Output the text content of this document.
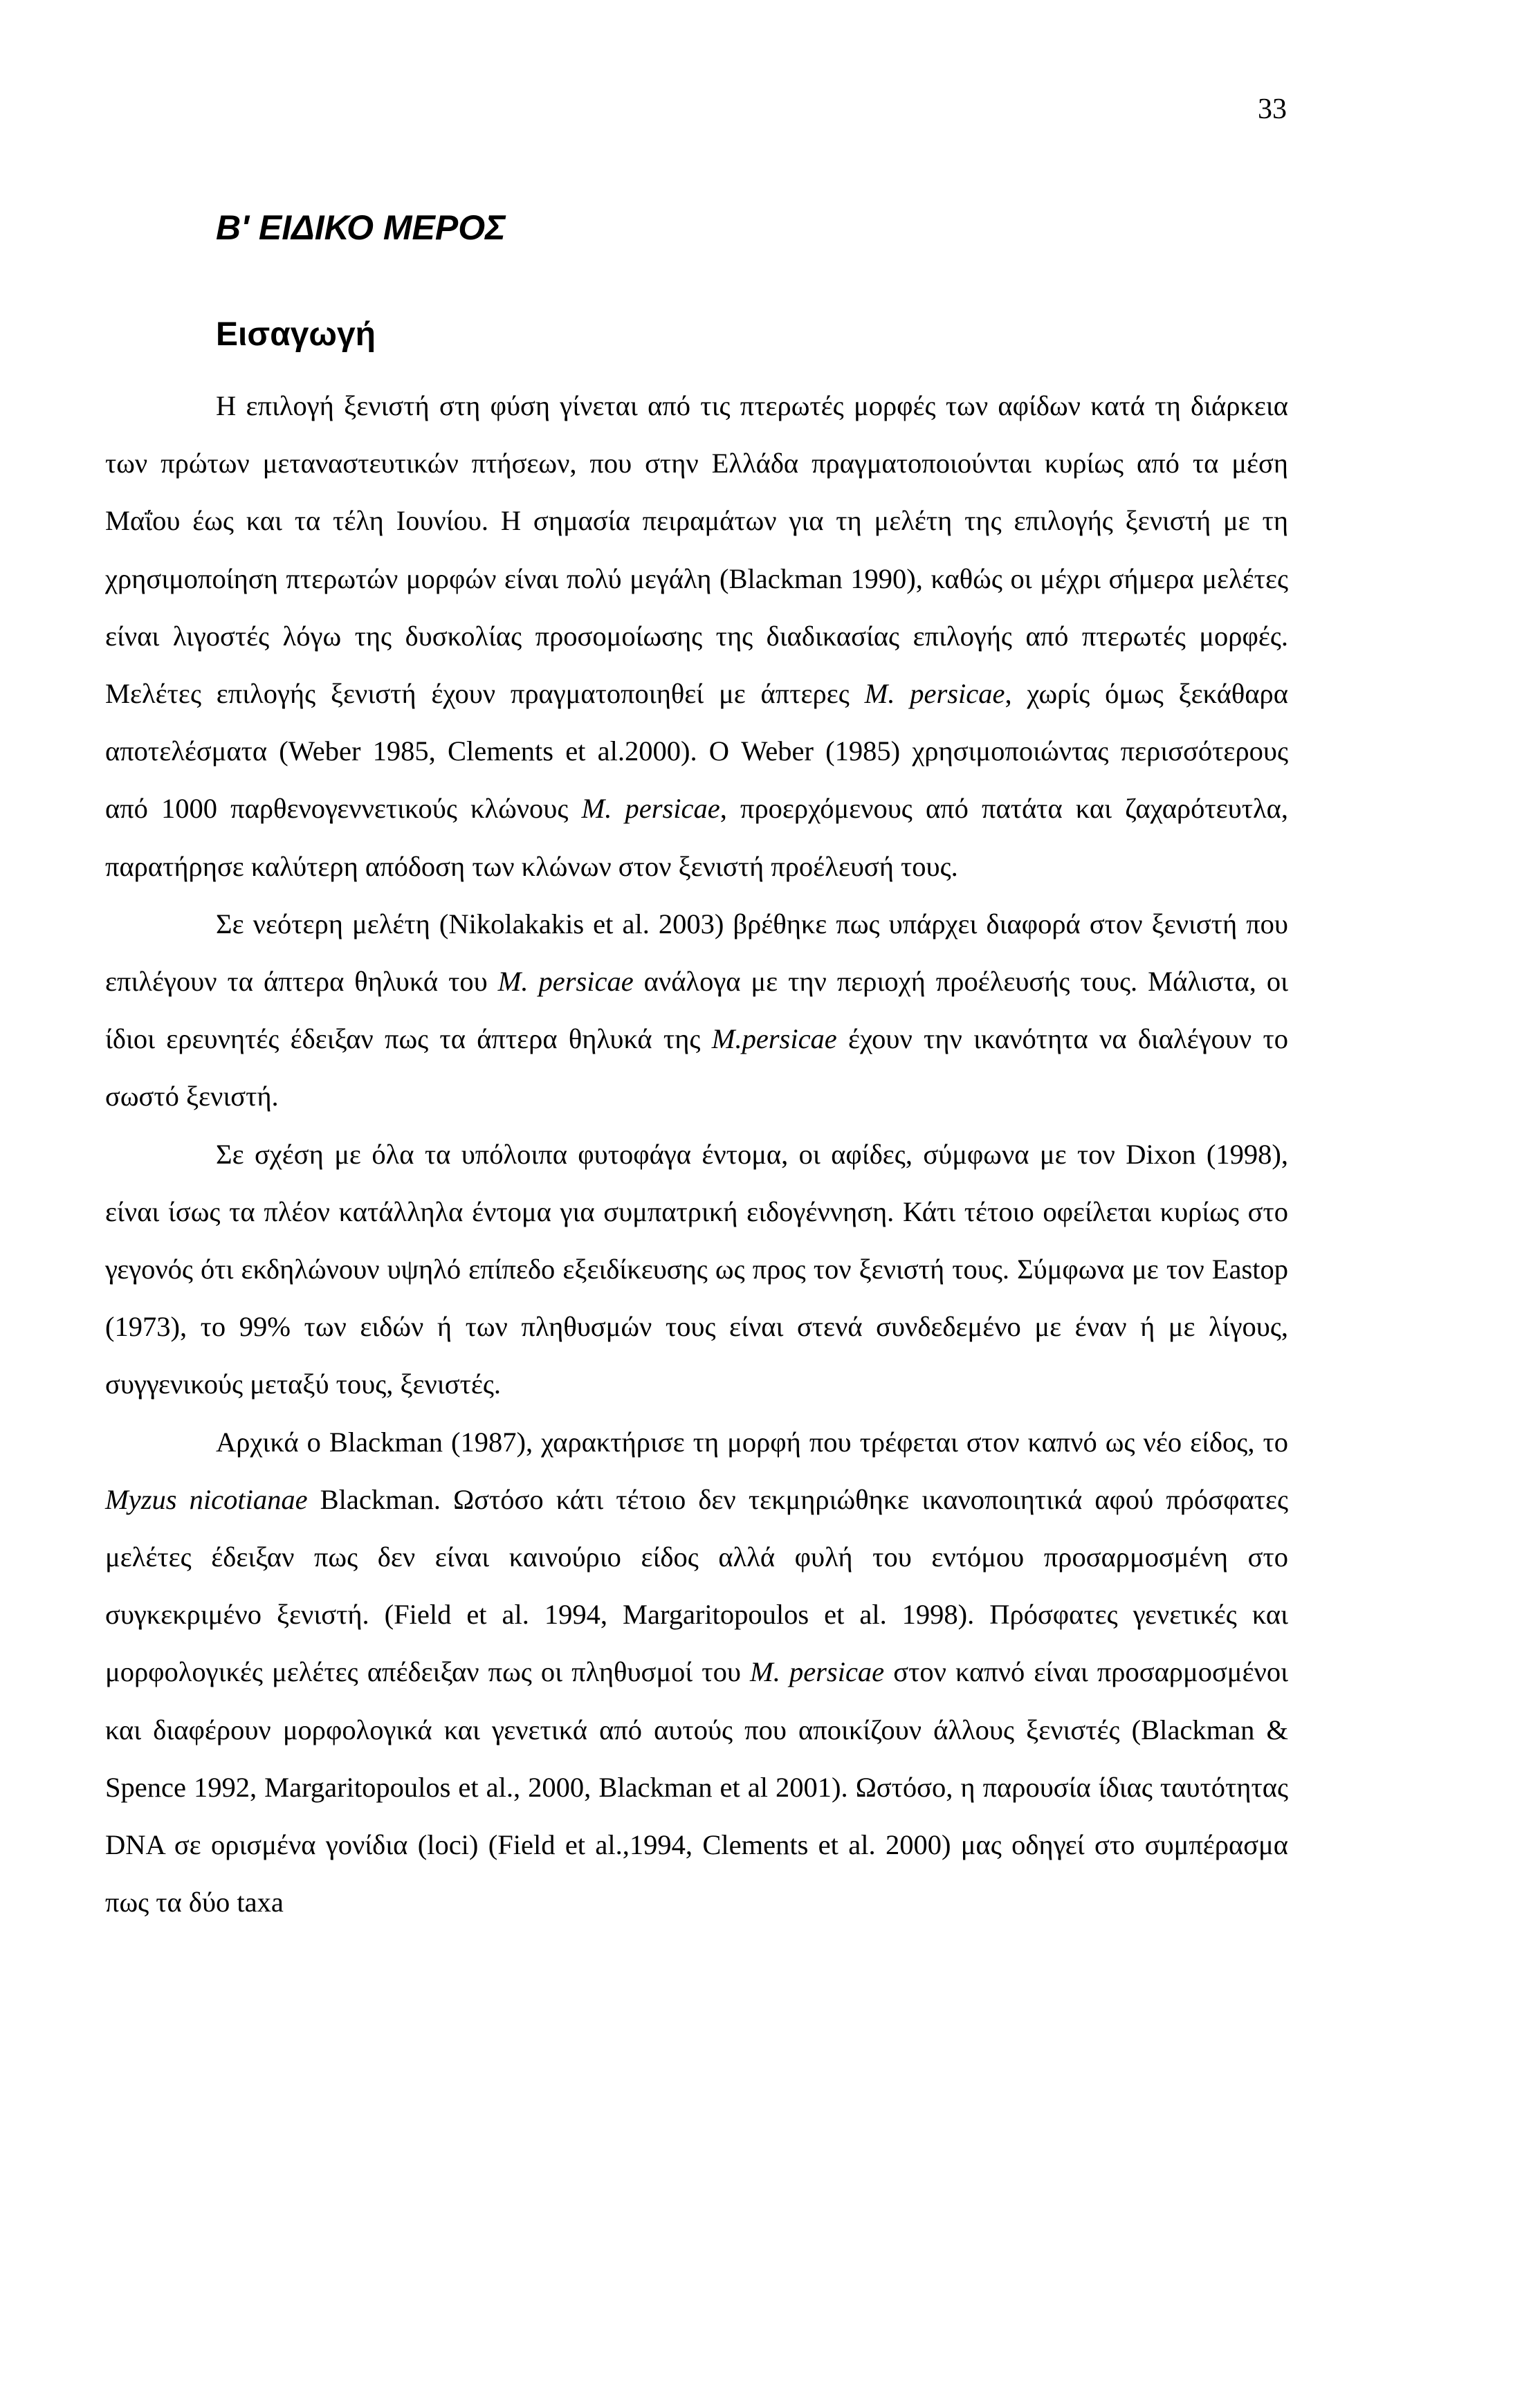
33
Β' ΕΙΔΙΚΟ ΜΕΡΟΣ
Εισαγωγή

Η επιλογή ξενιστή στη φύση γίνεται από τις πτερωτές μορφές των αφίδων κατά τη διάρκεια των πρώτων μεταναστευτικών πτήσεων, που στην Ελλάδα πραγματοποιούνται κυρίως από τα μέση Μαΐου έως και τα τέλη Ιουνίου. Η σημασία πειραμάτων για τη μελέτη της επιλογής ξενιστή με τη χρησιμοποίηση πτερωτών μορφών είναι πολύ μεγάλη (Blackman 1990), καθώς οι μέχρι σήμερα μελέτες είναι λιγοστές λόγω της δυσκολίας προσομοίωσης της διαδικασίας επιλογής από πτερωτές μορφές. Μελέτες επιλογής ξενιστή έχουν πραγματοποιηθεί με άπτερες M. persicae, χωρίς όμως ξεκάθαρα αποτελέσματα (Weber 1985, Clements et al.2000). Ο Weber (1985) χρησιμοποιώντας περισσότερους από 1000 παρθενογεννετικούς κλώνους M. persicae, προερχόμενους από πατάτα και ζαχαρότευτλα, παρατήρησε καλύτερη απόδοση των κλώνων στον ξενιστή προέλευσή τους.

Σε νεότερη μελέτη (Nikolakakis et al. 2003) βρέθηκε πως υπάρχει διαφορά στον ξενιστή που επιλέγουν τα άπτερα θηλυκά του M. persicae ανάλογα με την περιοχή προέλευσής τους. Μάλιστα, οι ίδιοι ερευνητές έδειξαν πως τα άπτερα θηλυκά της M.persicae έχουν την ικανότητα να διαλέγουν το σωστό ξενιστή.

Σε σχέση με όλα τα υπόλοιπα φυτοφάγα έντομα, οι αφίδες, σύμφωνα με τον Dixon (1998), είναι ίσως τα πλέον κατάλληλα έντομα για συμπατρική ειδογέννηση. Κάτι τέτοιο οφείλεται κυρίως στο γεγονός ότι εκδηλώνουν υψηλό επίπεδο εξειδίκευσης ως προς τον ξενιστή τους. Σύμφωνα με τον Eastop (1973), το 99% των ειδών ή των πληθυσμών τους είναι στενά συνδεδεμένο με έναν ή με λίγους, συγγενικούς μεταξύ τους, ξενιστές.

Αρχικά ο Blackman (1987), χαρακτήρισε τη μορφή που τρέφεται στον καπνό ως νέο είδος, το Myzus nicotianae Blackman. Ωστόσο κάτι τέτοιο δεν τεκμηριώθηκε ικανοποιητικά αφού πρόσφατες μελέτες έδειξαν πως δεν είναι καινούριο είδος αλλά φυλή του εντόμου προσαρμοσμένη στο συγκεκριμένο ξενιστή. (Field et al. 1994, Margaritopoulos et al. 1998). Πρόσφατες γενετικές και μορφολογικές μελέτες απέδειξαν πως οι πληθυσμοί του M. persicae στον καπνό είναι προσαρμοσμένοι και διαφέρουν μορφολογικά και γενετικά από αυτούς που αποικίζουν άλλους ξενιστές (Blackman & Spence 1992, Margaritopoulos et al., 2000, Blackman et al 2001). Ωστόσο, η παρουσία ίδιας ταυτότητας DNA σε ορισμένα γονίδια (loci) (Field et al.,1994, Clements et al. 2000) μας οδηγεί στο συμπέρασμα πως τα δύο taxa
